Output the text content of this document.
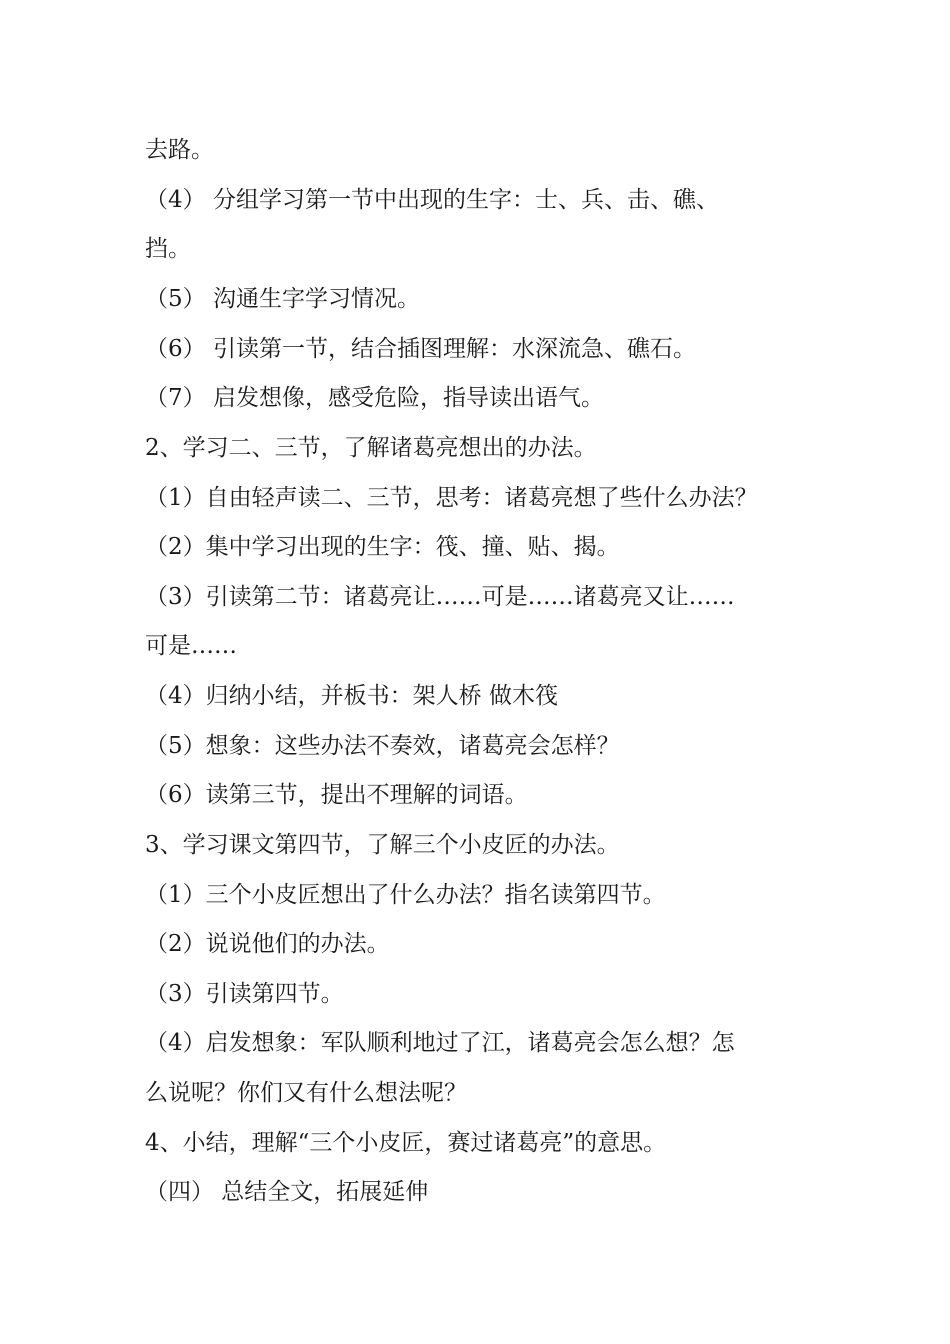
去路。
（4） 分组学习第一节中出现的生字：士、兵、击、礁、
挡。
（5） 沟通生字学习情况。
（6） 引读第一节，结合插图理解：水深流急、礁石。
（7） 启发想像，感受危险，指导读出语气。
2、学习二、三节，了解诸葛亮想出的办法。
（1）自由轻声读二、三节，思考：诸葛亮想了些什么办法？
（2）集中学习出现的生字：筏、撞、贴、揭。
（3）引读第二节：诸葛亮让……可是……诸葛亮又让……
可是……
（4）归纳小结，并板书：架人桥 做木筏
（5）想象：这些办法不奏效，诸葛亮会怎样？
（6）读第三节，提出不理解的词语。
3、学习课文第四节，了解三个小皮匠的办法。
（1）三个小皮匠想出了什么办法？指名读第四节。
（2）说说他们的办法。
（3）引读第四节。
（4）启发想象：军队顺利地过了江，诸葛亮会怎么想？怎
么说呢？你们又有什么想法呢？
4、小结，理解“三个小皮匠，赛过诸葛亮”的意思。
（四） 总结全文，拓展延伸
